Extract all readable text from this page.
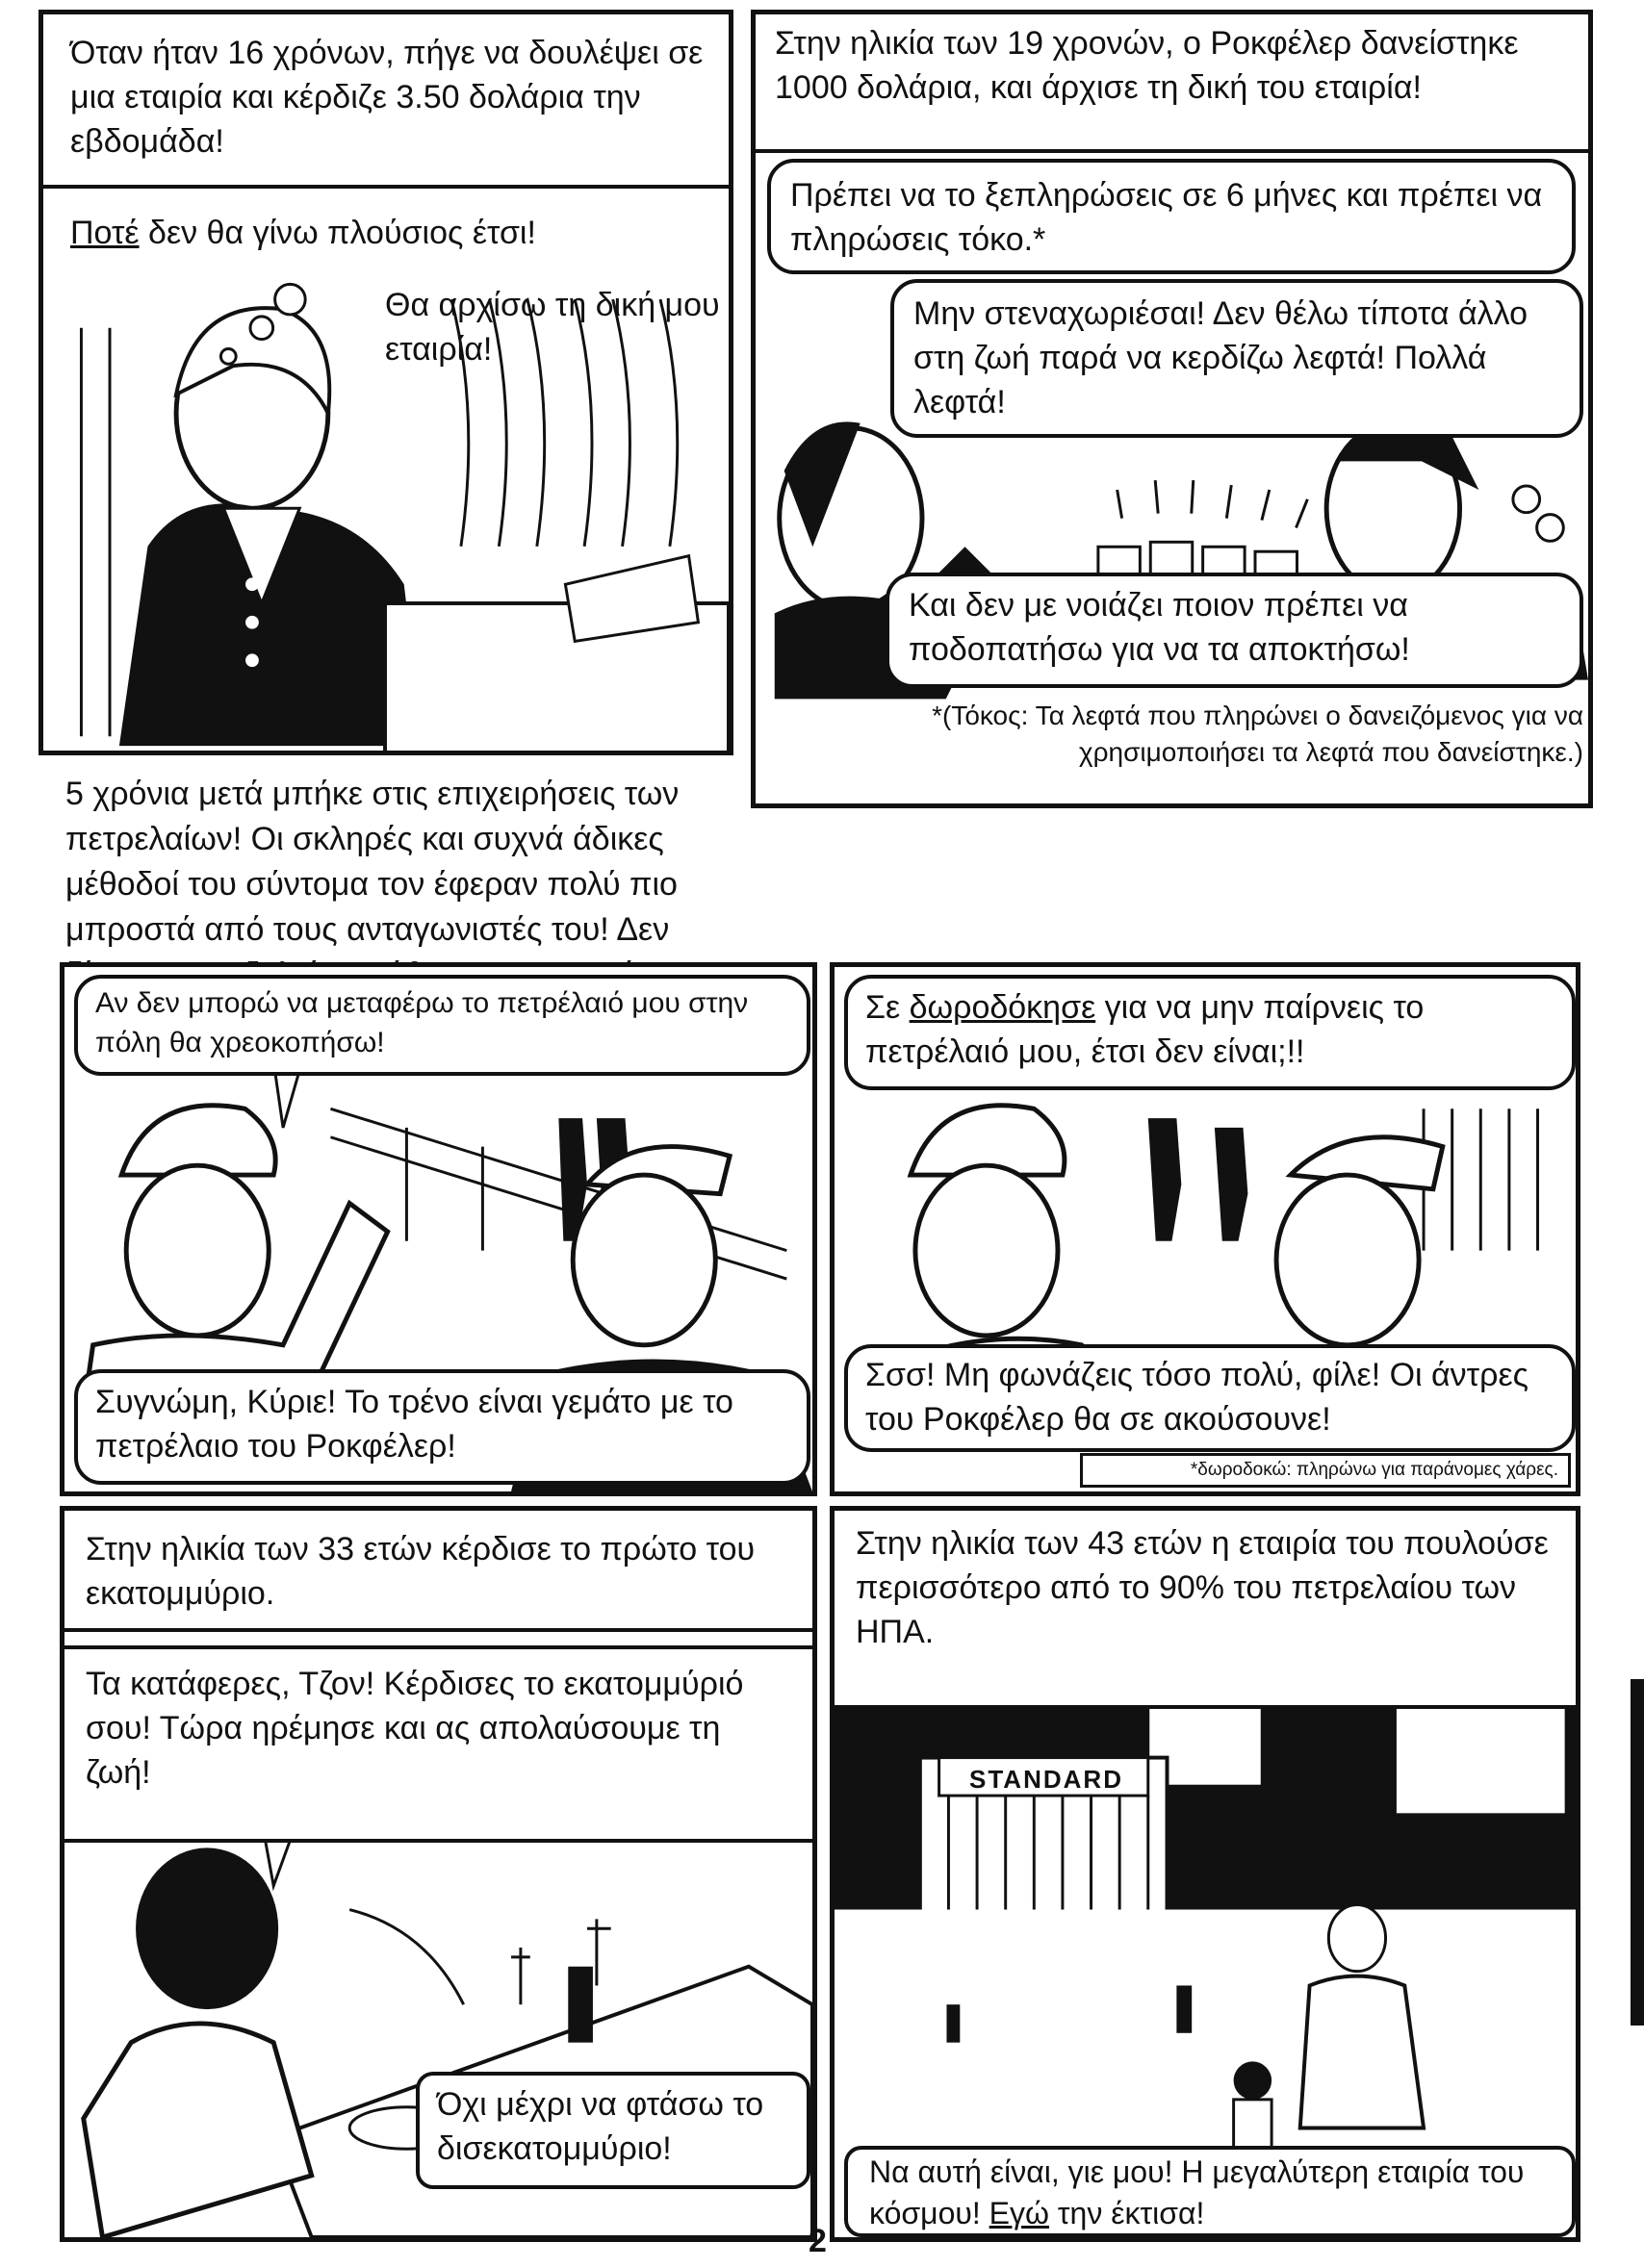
Όταν ήταν 16 χρόνων, πήγε να δουλέψει σε μια εταιρία και κέρδιζε 3.50 δολάρια την εβδομάδα!
Ποτέ δεν θα γίνω πλούσιος έτσι!
Θα αρχίσω τη δική μου εταιρία!
Στην ηλικία των 19 χρονών, ο Ροκφέλερ δανείστηκε 1000 δολάρια, και άρχισε τη δική του εταιρία!
Πρέπει να το ξεπληρώσεις σε 6 μήνες και πρέπει να πληρώσεις τόκο.*
Μην στεναχωριέσαι! Δεν θέλω τίποτα άλλο στη ζωή παρά να κερδίζω λεφτά! Πολλά λεφτά!
Και δεν με νοιάζει ποιον πρέπει να ποδοπατήσω για να τα αποκτήσω!
*(Τόκος: Τα λεφτά που πληρώνει ο δανειζόμενος για να χρησιμοποιήσει τα λεφτά που δανείστηκε.)
5 χρόνια μετά μπήκε στις επιχειρήσεις των πετρελαίων! Οι σκληρές και συχνά άδικες μέθοδοί του σύντομα τον έφεραν πολύ πιο μπροστά από τους ανταγωνιστές του! Δεν
Αν δεν μπορώ να μεταφέρω το πετρέλαιό μου στην πόλη θα χρεοκοπήσω!
Συγνώμη, Κύριε! Το τρένο είναι γεμάτο με το πετρέλαιο του Ροκφέλερ!
Σε δωροδόκησε για να μην παίρνεις το πετρέλαιό μου, έτσι δεν είναι;!!
Σσσ! Μη φωνάζεις τόσο πολύ, φίλε! Οι άντρες του Ροκφέλερ θα σε ακούσουνε!
*δωροδοκώ: πληρώνω για παράνομες χάρες.
Στην ηλικία των 33 ετών κέρδισε το πρώτο του εκατομμύριο.
Τα κατάφερες, Τζον! Κέρδισες το εκατομμύριό σου! Τώρα ηρέμησε και ας απολαύσουμε τη ζωή!
Όχι μέχρι να φτάσω το δισεκατομμύριο!
Στην ηλικία των 43 ετών η εταιρία του πουλούσε περισσότερο από το 90% του πετρελαίου των ΗΠΑ.
STANDARD
Να αυτή είναι, γιε μου! Η μεγαλύτερη εταιρία του κόσμου! Εγώ την έκτισα!
2
